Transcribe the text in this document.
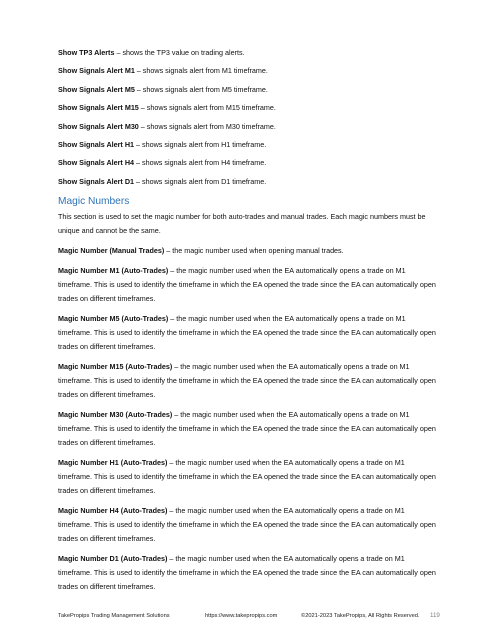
Show TP3 Alerts – shows the TP3 value on trading alerts.
Show Signals Alert M1 – shows signals alert from M1 timeframe.
Show Signals Alert M5 – shows signals alert from M5 timeframe.
Show Signals Alert M15 – shows signals alert from M15 timeframe.
Show Signals Alert M30 – shows signals alert from M30 timeframe.
Show Signals Alert H1 – shows signals alert from H1 timeframe.
Show Signals Alert H4 – shows signals alert from H4 timeframe.
Show Signals Alert D1 – shows signals alert from D1 timeframe.
Magic Numbers

This section is used to set the magic number for both auto-trades and manual trades. Each magic numbers must be unique and cannot be the same.

Magic Number (Manual Trades) – the magic number used when opening manual trades.

Magic Number M1 (Auto-Trades) – the magic number used when the EA automatically opens a trade on M1 timeframe. This is used to identify the timeframe in which the EA opened the trade since the EA can automatically open trades on different timeframes.

Magic Number M5 (Auto-Trades) – the magic number used when the EA automatically opens a trade on M1 timeframe. This is used to identify the timeframe in which the EA opened the trade since the EA can automatically open trades on different timeframes.

Magic Number M15 (Auto-Trades) – the magic number used when the EA automatically opens a trade on M1 timeframe. This is used to identify the timeframe in which the EA opened the trade since the EA can automatically open trades on different timeframes.

Magic Number M30 (Auto-Trades) – the magic number used when the EA automatically opens a trade on M1 timeframe. This is used to identify the timeframe in which the EA opened the trade since the EA can automatically open trades on different timeframes.

Magic Number H1 (Auto-Trades) – the magic number used when the EA automatically opens a trade on M1 timeframe. This is used to identify the timeframe in which the EA opened the trade since the EA can automatically open trades on different timeframes.

Magic Number H4 (Auto-Trades) – the magic number used when the EA automatically opens a trade on M1 timeframe. This is used to identify the timeframe in which the EA opened the trade since the EA can automatically open trades on different timeframes.

Magic Number D1 (Auto-Trades) – the magic number used when the EA automatically opens a trade on M1 timeframe. This is used to identify the timeframe in which the EA opened the trade since the EA can automatically open trades on different timeframes.

TakePropips Trading Management Solutions	https://www.takepropips.com	©2021-2023 TakePropips, All Rights Reserved. 119
